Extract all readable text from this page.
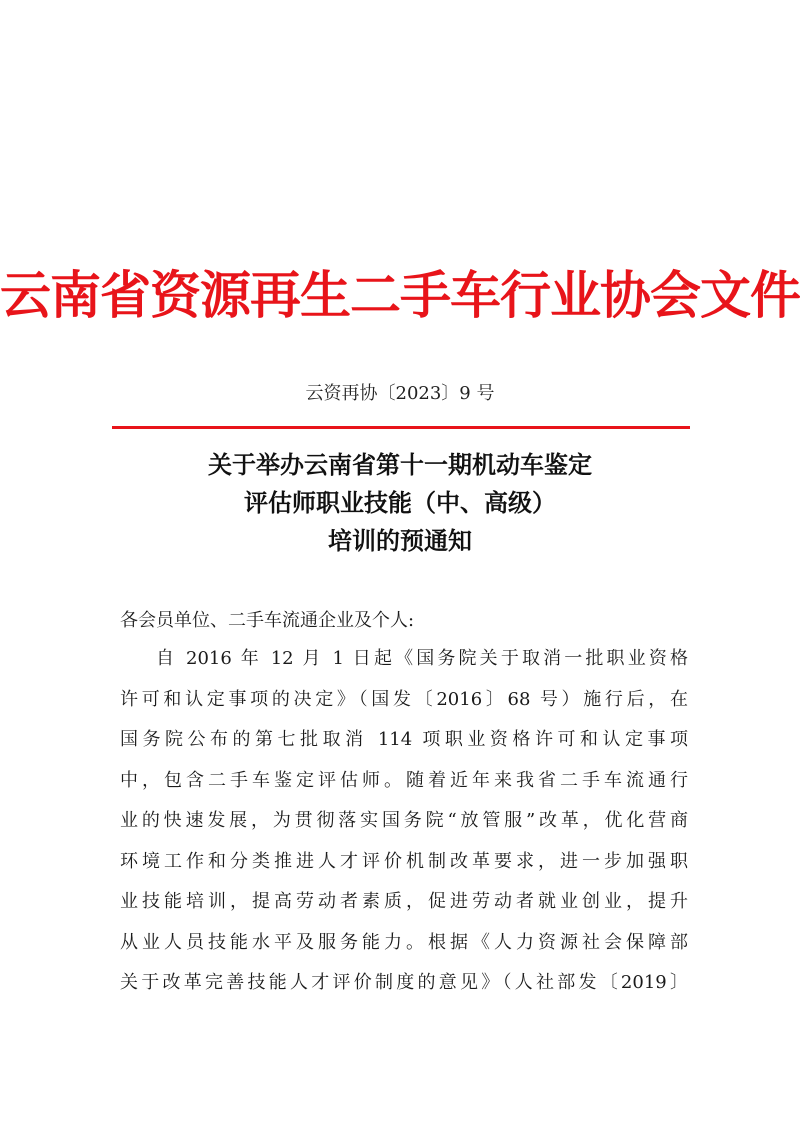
云南省资源再生二手车行业协会文件
云资再协〔2023〕9 号
关于举办云南省第十一期机动车鉴定
评估师职业技能（中、高级）
培训的预通知
各会员单位、二手车流通企业及个人:
自 2016 年 12 月 1 日起《国务院关于取消一批职业资格
许可和认定事项的决定》（国发〔2016〕68 号）施行后，在
国务院公布的第七批取消 114 项职业资格许可和认定事项
中，包含二手车鉴定评估师。随着近年来我省二手车流通行
业的快速发展，为贯彻落实国务院“放管服”改革，优化营商
环境工作和分类推进人才评价机制改革要求，进一步加强职
业技能培训，提高劳动者素质，促进劳动者就业创业，提升
从业人员技能水平及服务能力。根据《人力资源社会保障部
关于改革完善技能人才评价制度的意见》（人社部发〔2019〕
